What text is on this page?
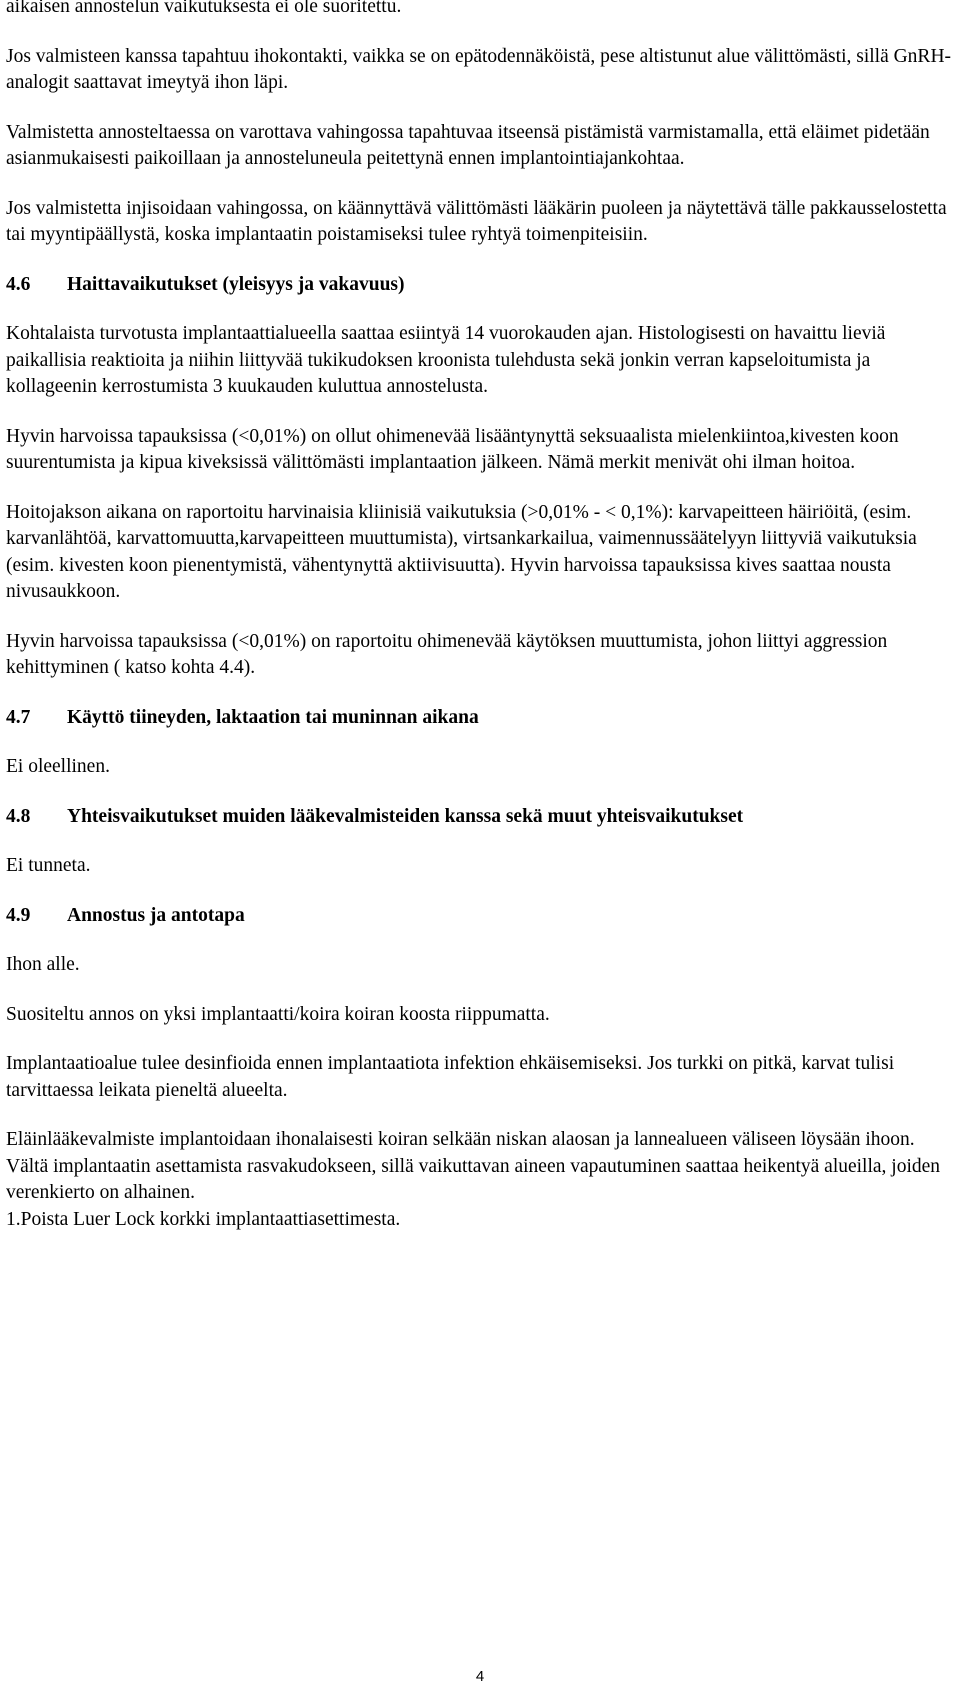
aikaisen annostelun vaikutuksesta ei ole suoritettu.

Jos valmisteen kanssa tapahtuu ihokontakti, vaikka se on epätodennäköistä, pese altistunut alue välittömästi, sillä GnRH-analogit saattavat imeytyä ihon läpi.

Valmistetta annosteltaessa on varottava vahingossa tapahtuvaa itseensä pistämistä varmistamalla, että eläimet pidetään asianmukaisesti paikoillaan ja annosteluneula peitettynä ennen implantointiajankohtaa.

Jos valmistetta injisoidaan vahingossa, on käännyttävä välittömästi lääkärin puoleen ja näytettävä tälle pakkausselostetta tai myyntipäällystä, koska implantaatin poistamiseksi tulee ryhtyä toimenpiteisiin.

4.6 Haittavaikutukset (yleisyys ja vakavuus)

Kohtalaista turvotusta implantaattialueella saattaa esiintyä 14 vuorokauden ajan. Histologisesti on havaittu lieviä paikallisia reaktioita ja niihin liittyvää tukikudoksen kroonista tulehdusta sekä jonkin verran kapseloitumista ja kollageenin kerrostumista 3 kuukauden kuluttua annostelusta.

Hyvin harvoissa tapauksissa (<0,01%) on ollut ohimenevää lisääntynyttä seksuaalista mielenkiintoa,kivesten koon suurentumista ja kipua kiveksissä välittömästi implantaation jälkeen. Nämä merkit menivät ohi ilman hoitoa.

Hoitojakson aikana on raportoitu harvinaisia kliinisiä vaikutuksia (>0,01% - < 0,1%): karvapeitteen häiriöitä, (esim. karvanlähtöä, karvattomuutta,karvapeitteen muuttumista), virtsankarkailua, vaimennussäätelyyn liittyviä vaikutuksia (esim. kivesten koon pienentymistä, vähentynyttä aktiivisuutta). Hyvin harvoissa tapauksissa kives saattaa nousta nivusaukkoon.

Hyvin harvoissa tapauksissa (<0,01%) on raportoitu ohimenevää käytöksen muuttumista, johon liittyi aggression kehittyminen ( katso kohta 4.4).

4.7 Käyttö tiineyden, laktaation tai muninnan aikana

Ei oleellinen.

4.8 Yhteisvaikutukset muiden lääkevalmisteiden kanssa sekä muut yhteisvaikutukset

Ei tunneta.

4.9 Annostus ja antotapa

Ihon alle.

Suositeltu annos on yksi implantaatti/koira koiran koosta riippumatta.

Implantaatioalue tulee desinfioida ennen implantaatiota infektion ehkäisemiseksi. Jos turkki on pitkä, karvat tulisi tarvittaessa leikata pieneltä alueelta.

Eläinlääkevalmiste implantoidaan ihonalaisesti koiran selkään niskan alaosan ja lannealueen väliseen löysään ihoon. Vältä implantaatin asettamista rasvakudokseen, sillä vaikuttavan aineen vapautuminen saattaa heikentyä alueilla, joiden verenkierto on alhainen.

1.Poista Luer Lock korkki implantaattiasettimesta.

4
